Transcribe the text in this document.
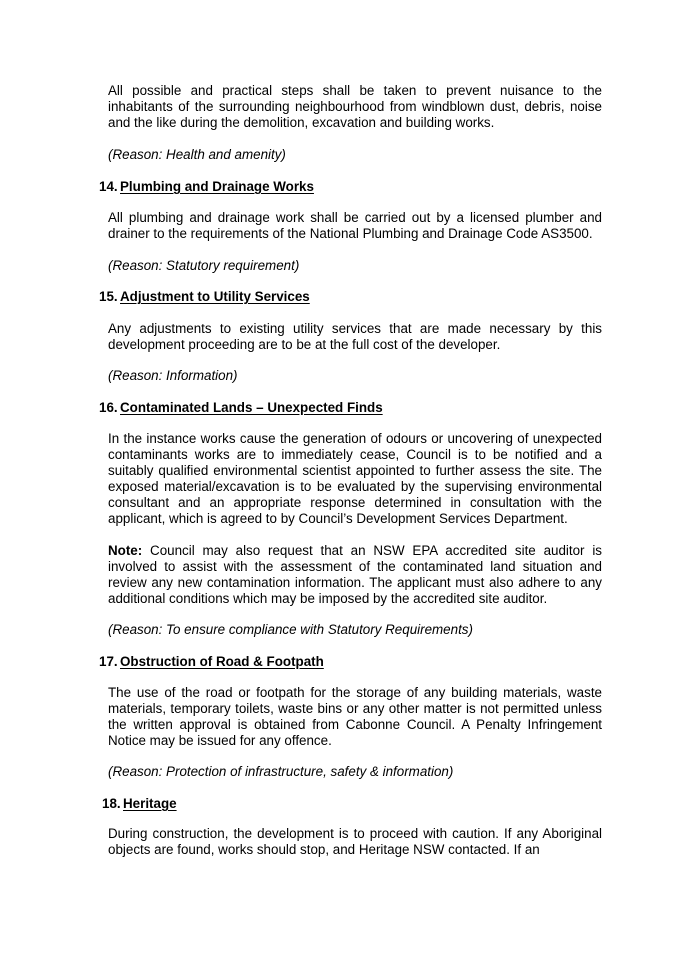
All possible and practical steps shall be taken to prevent nuisance to the inhabitants of the surrounding neighbourhood from windblown dust, debris, noise and the like during the demolition, excavation and building works.

(Reason: Health and amenity)

14. Plumbing and Drainage Works

All plumbing and drainage work shall be carried out by a licensed plumber and drainer to the requirements of the National Plumbing and Drainage Code AS3500.

(Reason: Statutory requirement)

15. Adjustment to Utility Services

Any adjustments to existing utility services that are made necessary by this development proceeding are to be at the full cost of the developer.

(Reason: Information)

16. Contaminated Lands – Unexpected Finds

In the instance works cause the generation of odours or uncovering of unexpected contaminants works are to immediately cease, Council is to be notified and a suitably qualified environmental scientist appointed to further assess the site. The exposed material/excavation is to be evaluated by the supervising environmental consultant and an appropriate response determined in consultation with the applicant, which is agreed to by Council’s Development Services Department.

Note: Council may also request that an NSW EPA accredited site auditor is involved to assist with the assessment of the contaminated land situation and review any new contamination information. The applicant must also adhere to any additional conditions which may be imposed by the accredited site auditor.

(Reason: To ensure compliance with Statutory Requirements)

17. Obstruction of Road & Footpath

The use of the road or footpath for the storage of any building materials, waste materials, temporary toilets, waste bins or any other matter is not permitted unless the written approval is obtained from Cabonne Council. A Penalty Infringement Notice may be issued for any offence.

(Reason: Protection of infrastructure, safety & information)

18. Heritage

During construction, the development is to proceed with caution. If any Aboriginal objects are found, works should stop, and Heritage NSW contacted. If an
